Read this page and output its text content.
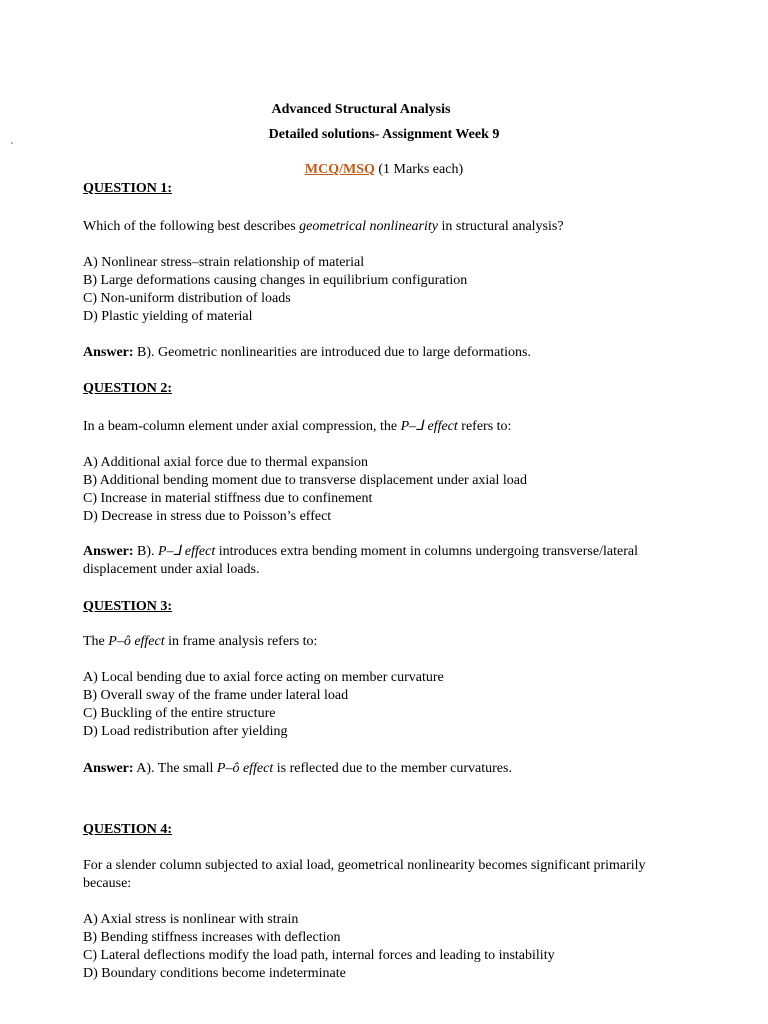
`

Advanced Structural Analysis

Detailed solutions- Assignment Week 9

MCQ/MSQ (1 Marks each)

QUESTION 1:

Which of the following best describes geometrical nonlinearity in structural analysis?

A) Nonlinear stress–strain relationship of material

B) Large deformations causing changes in equilibrium configuration

C) Non-uniform distribution of loads

D) Plastic yielding of material

Answer: B). Geometric nonlinearities are introduced due to large deformations.

QUESTION 2:

In a beam-column element under axial compression, the P–⅃ effect refers to:

A) Additional axial force due to thermal expansion

B) Additional bending moment due to transverse displacement under axial load

C) Increase in material stiffness due to confinement

D) Decrease in stress due to Poisson’s effect

Answer: B). P–⅃ effect introduces extra bending moment in columns undergoing transverse/lateral displacement under axial loads.

QUESTION 3:

The P–ô effect in frame analysis refers to:

A) Local bending due to axial force acting on member curvature

B) Overall sway of the frame under lateral load

C) Buckling of the entire structure

D) Load redistribution after yielding

Answer: A). The small P–ô effect is reflected due to the member curvatures.

QUESTION 4:

For a slender column subjected to axial load, geometrical nonlinearity becomes significant primarily because:

A) Axial stress is nonlinear with strain

B) Bending stiffness increases with deflection

C) Lateral deflections modify the load path, internal forces and leading to instability

D) Boundary conditions become indeterminate
